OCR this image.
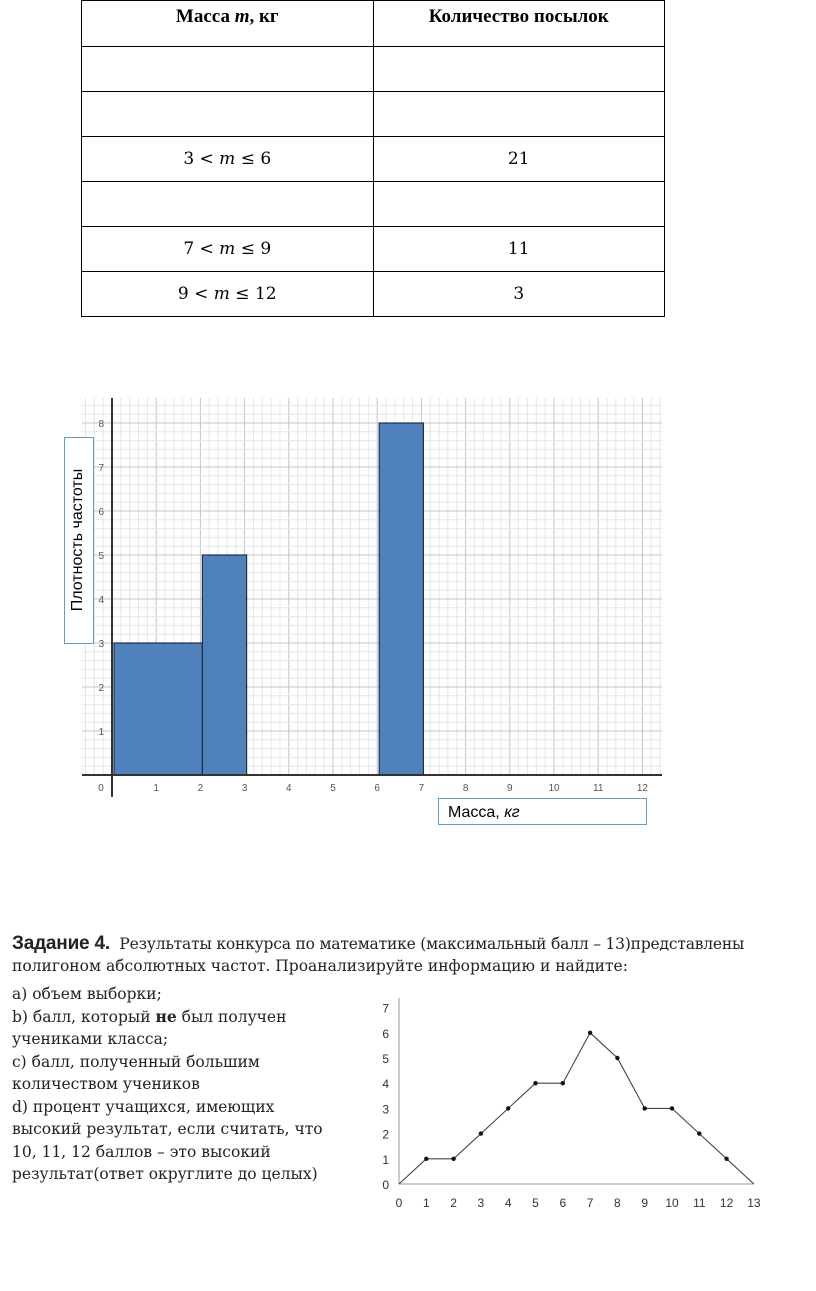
Масса m, кг	Количество посылок

3 < 𝑚 ≤ 6	21

7 < 𝑚 ≤ 9	11
9 < 𝑚 ≤ 12	3
0	1	2	3	4	5	6	7	8	9	10	11	12
1
2
3
4
5
6
7
8
Плотность частоты
Масса, кг
Задание 4. Результаты конкурса по математике (максимальный балл – 13)представлены
полигоном абсолютных частот. Проанализируйте информацию и найдите:
а) объем выборки;
b) балл, который не был получен
учениками класса;
с) балл, полученный большим
количеством учеников
d) процент учащихся, имеющих
высокий результат, если считать, что
10, 11, 12 баллов – это высокий
результат(ответ округлите до целых)
0 1 2 3 4 5 6 7 8 9 10 11 12 13
0
1
2
3
4
5
6
7
